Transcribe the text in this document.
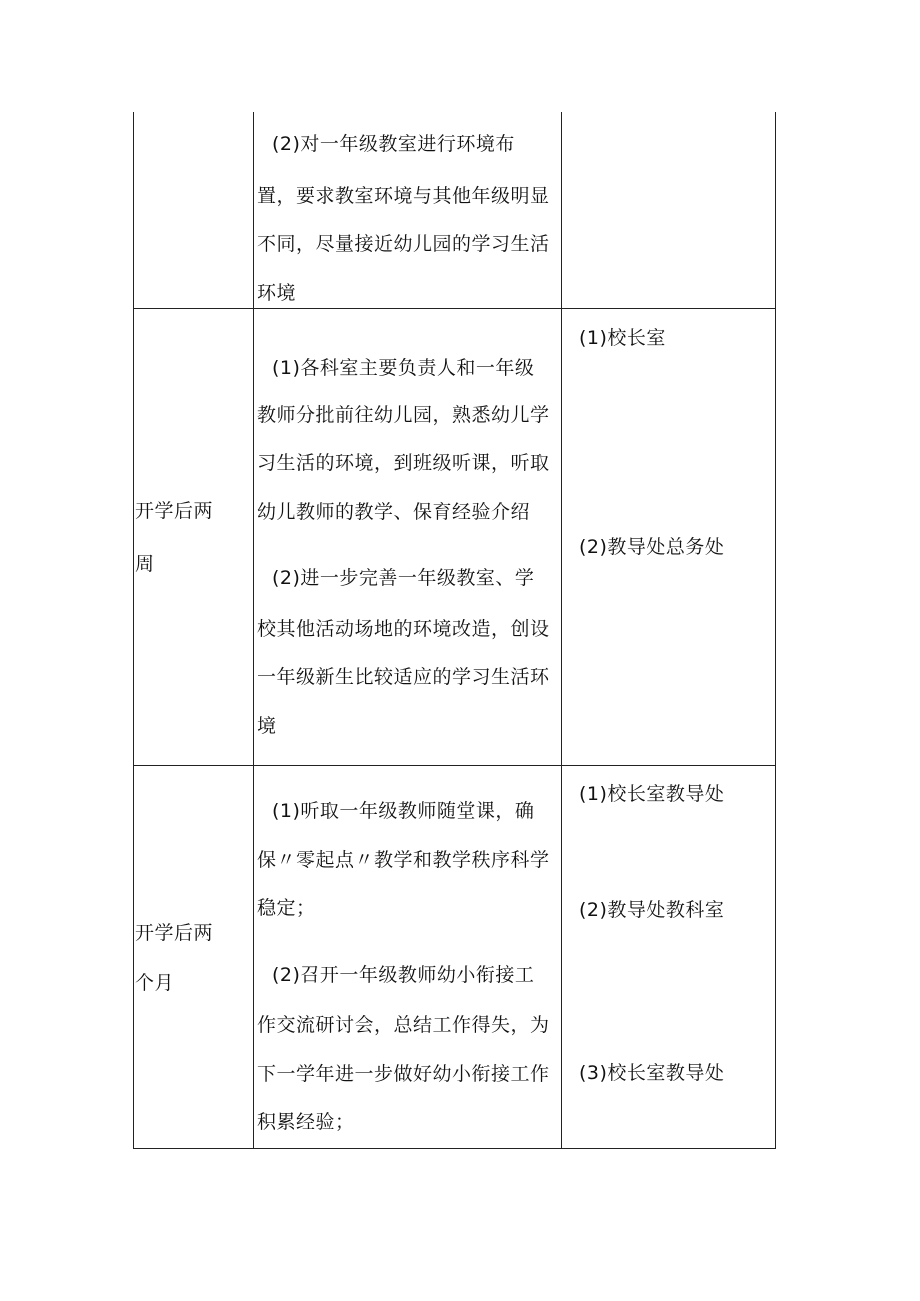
(2)对一年级教室进行环境布
置，要求教室环境与其他年级明显
不同，尽量接近幼儿园的学习生活
环境
开学后两
周
(1)各科室主要负责人和一年级
教师分批前往幼儿园，熟悉幼儿学
习生活的环境，到班级听课，听取
幼儿教师的教学、保育经验介绍
(2)进一步完善一年级教室、学
校其他活动场地的环境改造，创设
一年级新生比较适应的学习生活环
境
(1)校长室
(2)教导处总务处
开学后两
个月
(1)听取一年级教师随堂课，确
保〃零起点〃教学和教学秩序科学
稳定；
(2)召开一年级教师幼小衔接工
作交流研讨会，总结工作得失，为
下一学年进一步做好幼小衔接工作
积累经验；
(1)校长室教导处
(2)教导处教科室
(3)校长室教导处
